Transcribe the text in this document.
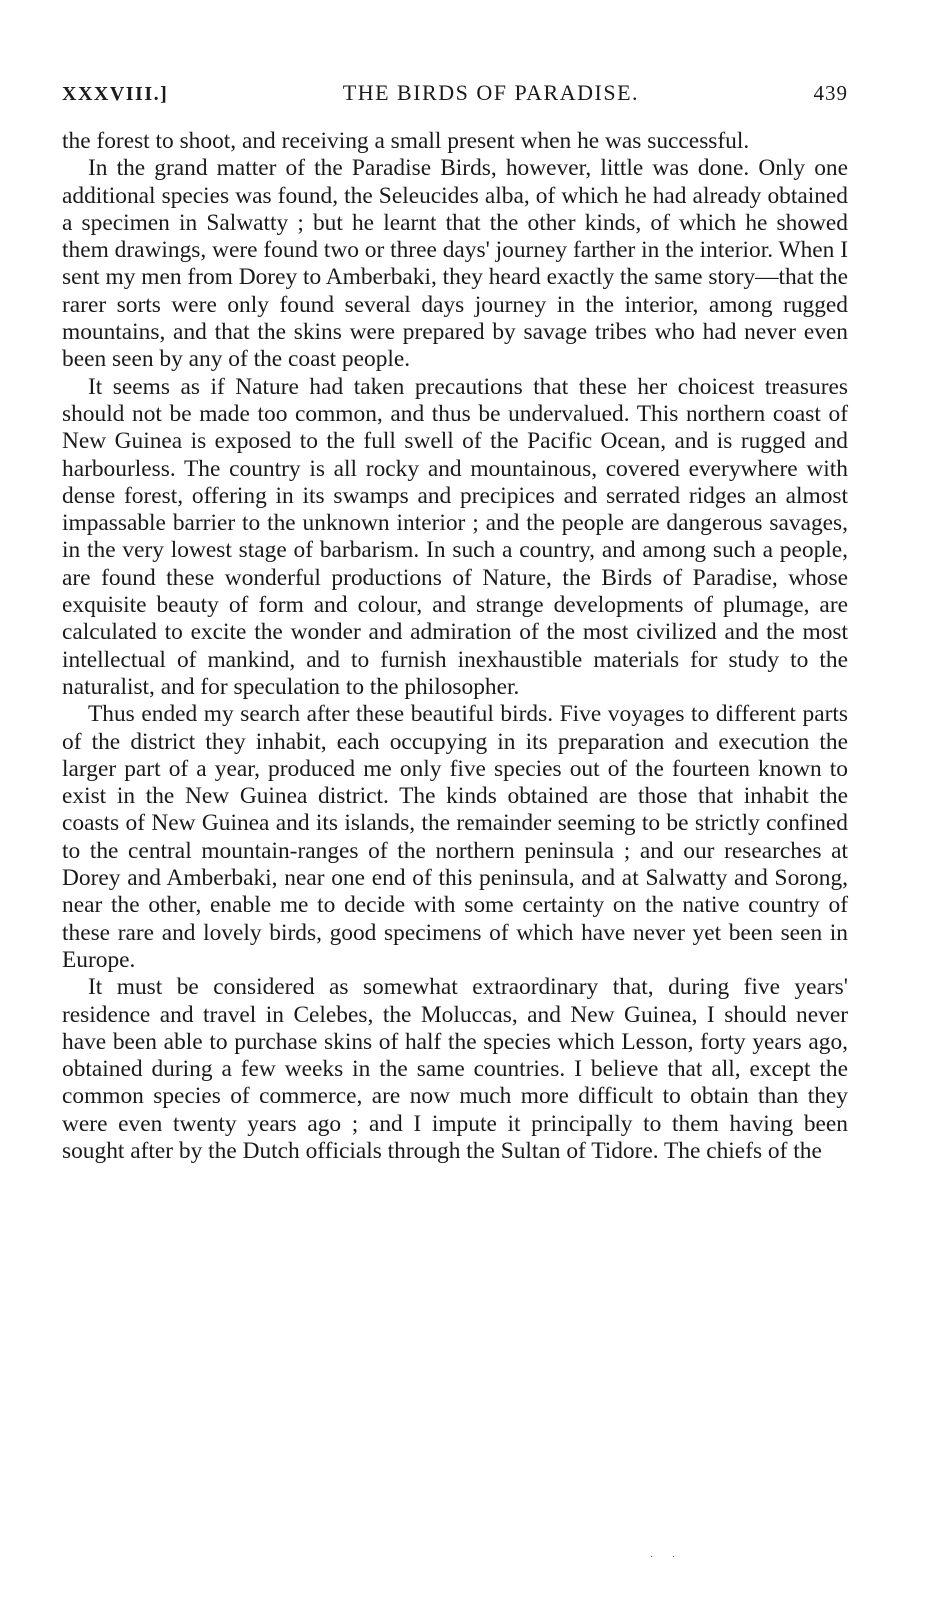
XXXVIII.]	THE BIRDS OF PARADISE.	439

the forest to shoot, and receiving a small present when he was successful.

In the grand matter of the Paradise Birds, however, little was done. Only one additional species was found, the Seleucides alba, of which he had already obtained a specimen in Salwatty ; but he learnt that the other kinds, of which he showed them drawings, were found two or three days' journey farther in the interior. When I sent my men from Dorey to Amberbaki, they heard exactly the same story—that the rarer sorts were only found several days journey in the interior, among rugged mountains, and that the skins were prepared by savage tribes who had never even been seen by any of the coast people.

It seems as if Nature had taken precautions that these her choicest treasures should not be made too common, and thus be undervalued. This northern coast of New Guinea is exposed to the full swell of the Pacific Ocean, and is rugged and harbourless. The country is all rocky and mountainous, covered everywhere with dense forest, offering in its swamps and precipices and serrated ridges an almost impassable barrier to the unknown interior ; and the people are dangerous savages, in the very lowest stage of barbarism. In such a country, and among such a people, are found these wonderful productions of Nature, the Birds of Paradise, whose exquisite beauty of form and colour, and strange developments of plumage, are calculated to excite the wonder and admiration of the most civilized and the most intellectual of mankind, and to furnish inexhaustible materials for study to the naturalist, and for speculation to the philosopher.

Thus ended my search after these beautiful birds. Five voyages to different parts of the district they inhabit, each occupying in its preparation and execution the larger part of a year, produced me only five species out of the fourteen known to exist in the New Guinea district. The kinds obtained are those that inhabit the coasts of New Guinea and its islands, the remainder seeming to be strictly confined to the central mountain-ranges of the northern peninsula ; and our researches at Dorey and Amberbaki, near one end of this peninsula, and at Salwatty and Sorong, near the other, enable me to decide with some certainty on the native country of these rare and lovely birds, good specimens of which have never yet been seen in Europe.

It must be considered as somewhat extraordinary that, during five years' residence and travel in Celebes, the Moluccas, and New Guinea, I should never have been able to purchase skins of half the species which Lesson, forty years ago, obtained during a few weeks in the same countries. I believe that all, except the common species of commerce, are now much more difficult to obtain than they were even twenty years ago ; and I impute it principally to them having been sought after by the Dutch officials through the Sultan of Tidore. The chiefs of the

· ·
